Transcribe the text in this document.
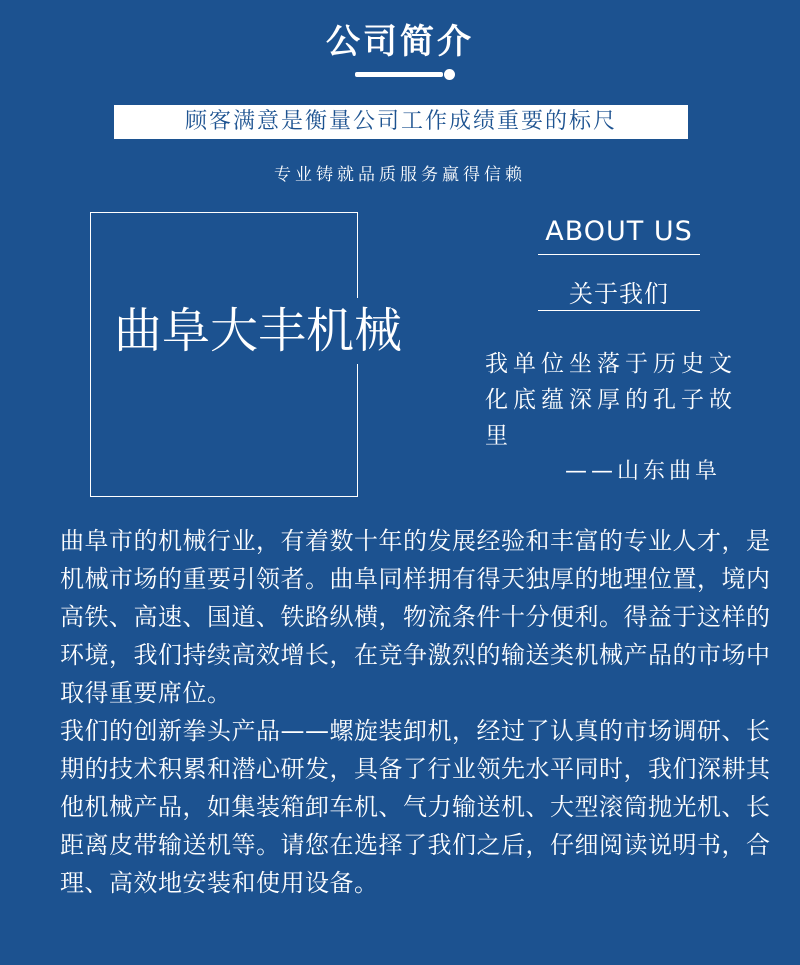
公司简介
顾客满意是衡量公司工作成绩重要的标尺
专业铸就品质服务赢得信赖
曲阜大丰机械
ABOUT US
关于我们
我单位坐落于历史文化底蕴深厚的孔子故里
——山东曲阜

曲阜市的机械行业，有着数十年的发展经验和丰富的专业人才，是机械市场的重要引领者。曲阜同样拥有得天独厚的地理位置，境内高铁、高速、国道、铁路纵横，物流条件十分便利。得益于这样的环境，我们持续高效增长，在竞争激烈的输送类机械产品的市场中取得重要席位。

我们的创新拳头产品——螺旋装卸机，经过了认真的市场调研、长期的技术积累和潜心研发，具备了行业领先水平同时，我们深耕其他机械产品，如集装箱卸车机、气力输送机、大型滚筒抛光机、长距离皮带输送机等。请您在选择了我们之后，仔细阅读说明书，合理、高效地安装和使用设备。
